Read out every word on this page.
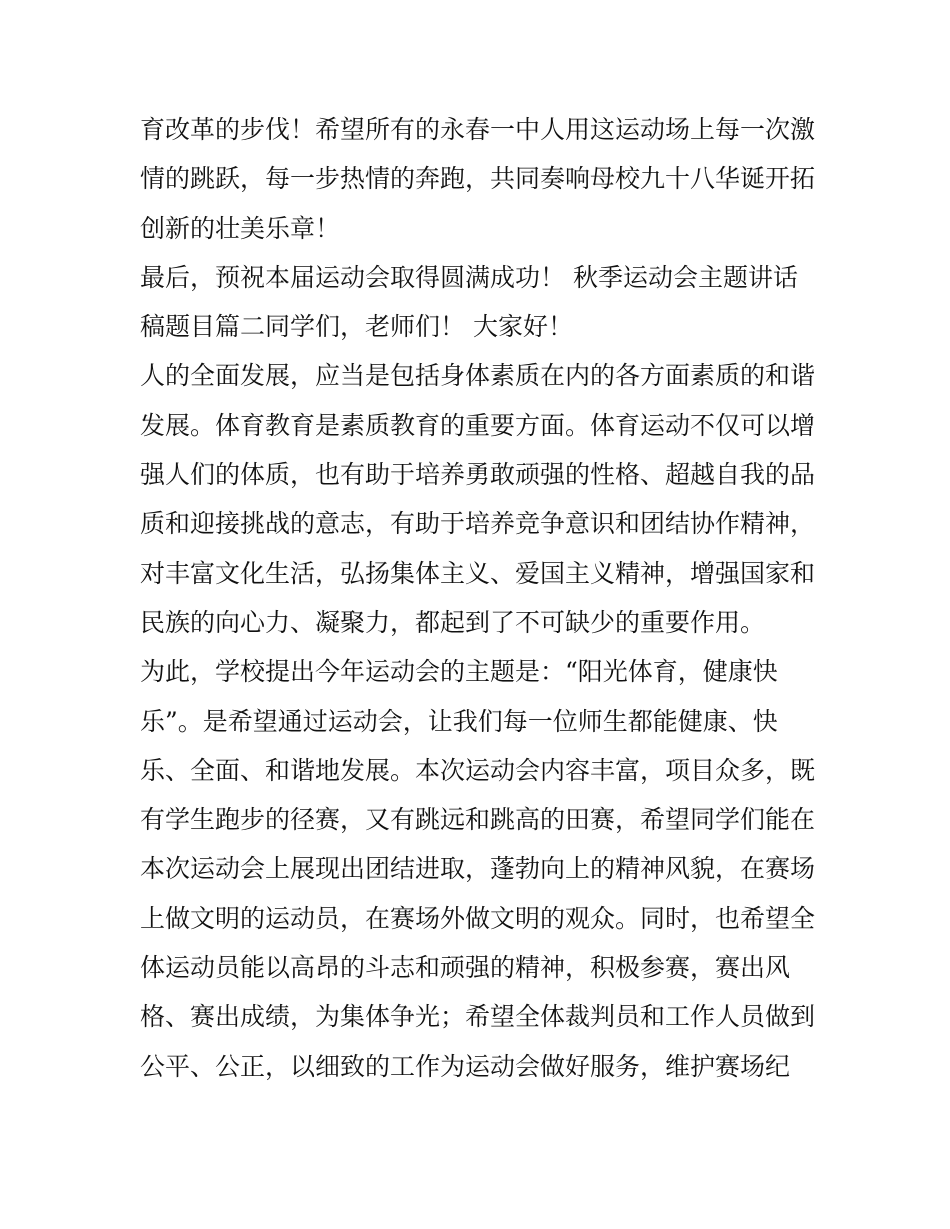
育改革的步伐！希望所有的永春一中人用这运动场上每一次激
情的跳跃，每一步热情的奔跑，共同奏响母校九十八华诞开拓
创新的壮美乐章！
最后，预祝本届运动会取得圆满成功！ 秋季运动会主题讲话
稿题目篇二同学们，老师们！ 大家好！
人的全面发展，应当是包括身体素质在内的各方面素质的和谐
发展。体育教育是素质教育的重要方面。体育运动不仅可以增
强人们的体质，也有助于培养勇敢顽强的性格、超越自我的品
质和迎接挑战的意志，有助于培养竞争意识和团结协作精神，
对丰富文化生活，弘扬集体主义、爱国主义精神，增强国家和
民族的向心力、凝聚力，都起到了不可缺少的重要作用。
为此，学校提出今年运动会的主题是：“阳光体育，健康快
乐”。是希望通过运动会，让我们每一位师生都能健康、快
乐、全面、和谐地发展。本次运动会内容丰富，项目众多，既
有学生跑步的径赛，又有跳远和跳高的田赛，希望同学们能在
本次运动会上展现出团结进取，蓬勃向上的精神风貌，在赛场
上做文明的运动员，在赛场外做文明的观众。同时，也希望全
体运动员能以高昂的斗志和顽强的精神，积极参赛，赛出风
格、赛出成绩，为集体争光；希望全体裁判员和工作人员做到
公平、公正，以细致的工作为运动会做好服务，维护赛场纪
